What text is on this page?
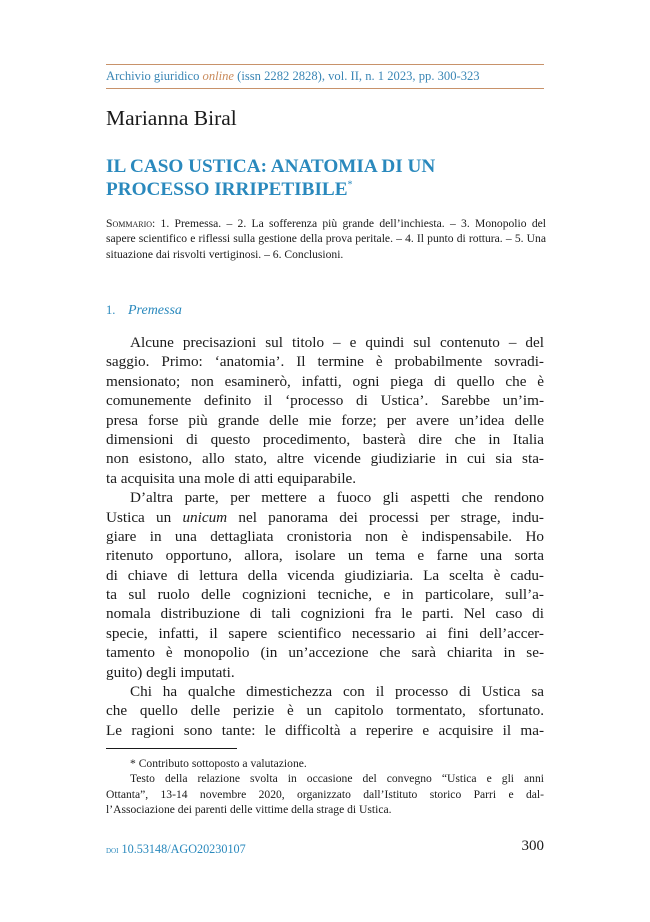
Archivio giuridico online (issn 2282 2828), vol. II, n. 1 2023, pp. 300-323
Marianna Biral
IL CASO USTICA: ANATOMIA DI UN
PROCESSO IRRIPETIBILE*
Sommario: 1. Premessa. – 2. La sofferenza più grande dell’inchiesta. – 3. Monopolio del sapere scientifico e riflessi sulla gestione della prova peritale. – 4. Il punto di rottura. – 5. Una situazione dai risvolti vertiginosi. – 6. Conclusioni.
1. Premessa
Alcune precisazioni sul titolo – e quindi sul contenuto – del
saggio. Primo: ‘anatomia’. Il termine è probabilmente sovradi-
mensionato; non esaminerò, infatti, ogni piega di quello che è
comunemente definito il ‘processo di Ustica’. Sarebbe un’im-
presa forse più grande delle mie forze; per avere un’idea delle
dimensioni di questo procedimento, basterà dire che in Italia
non esistono, allo stato, altre vicende giudiziarie in cui sia sta-
ta acquisita una mole di atti equiparabile.
D’altra parte, per mettere a fuoco gli aspetti che rendono
Ustica un unicum nel panorama dei processi per strage, indu-
giare in una dettagliata cronistoria non è indispensabile. Ho
ritenuto opportuno, allora, isolare un tema e farne una sorta
di chiave di lettura della vicenda giudiziaria. La scelta è cadu-
ta sul ruolo delle cognizioni tecniche, e in particolare, sull’a-
nomala distribuzione di tali cognizioni fra le parti. Nel caso di
specie, infatti, il sapere scientifico necessario ai fini dell’accer-
tamento è monopolio (in un’accezione che sarà chiarita in se-
guito) degli imputati.
Chi ha qualche dimestichezza con il processo di Ustica sa
che quello delle perizie è un capitolo tormentato, sfortunato.
Le ragioni sono tante: le difficoltà a reperire e acquisire il ma-
* Contributo sottoposto a valutazione.
Testo della relazione svolta in occasione del convegno “Ustica e gli anni
Ottanta”, 13-14 novembre 2020, organizzato dall’Istituto storico Parri e dal-
l’Associazione dei parenti delle vittime della strage di Ustica.
doi 10.53148/AGO20230107	300
